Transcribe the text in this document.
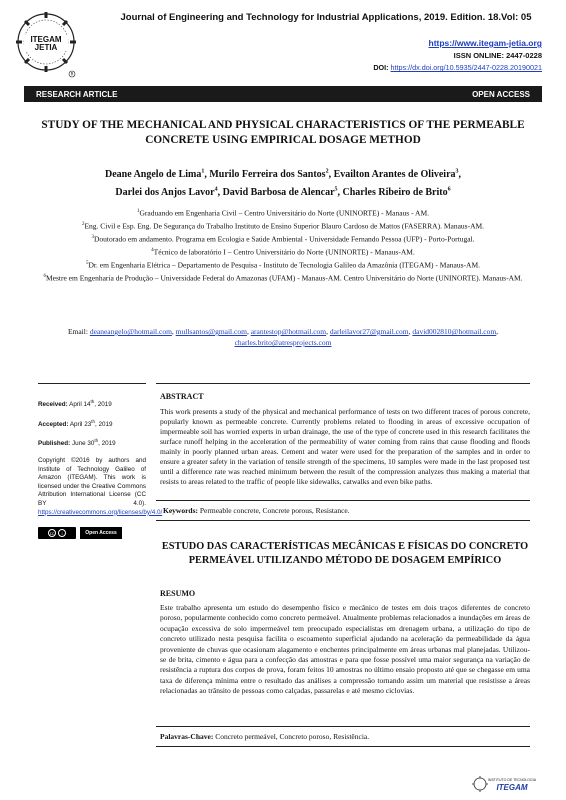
ITEGAM
JETIA
R
Journal of Engineering and Technology for Industrial Applications, 2019. Edition. 18.Vol: 05
https://www.itegam-jetia.org
ISSN ONLINE: 2447-0228
DOI: https://dx.doi.org/10.5935/2447-0228.20190021
RESEARCH ARTICLE	OPEN ACCESS
STUDY OF THE MECHANICAL AND PHYSICAL CHARACTERISTICS OF THE PERMEABLE CONCRETE USING EMPIRICAL DOSAGE METHOD
Deane Angelo de Lima$^1$, Murilo Ferreira dos Santos$^2$, Evailton Arantes de Oliveira$^3$,
Darlei dos Anjos Lavor$^4$, David Barbosa de Alencar$^5$, Charles Ribeiro de Brito$^6$

$^1$Graduando em Engenharia Civil – Centro Universitário do Norte (UNINORTE) - Manaus - AM.

$^2$Eng. Civil e Esp. Eng. De Segurança do Trabalho Instituto de Ensino Superior Blauro Cardoso de Mattos (FASERRA). Manaus-AM.

$^3$Doutorado em andamento. Programa em Ecologia e Saúde Ambiental - Universidade Fernando Pessoa (UFP) - Porto-Portugal.

$^4$Técnico de laboratório I – Centro Universitário do Norte (UNINORTE) - Manaus-AM.

$^5$Dr. em Engenharia Elétrica – Departamento de Pesquisa - Instituto de Tecnologia Galileo da Amazônia (ITEGAM) - Manaus-AM.

$^6$Mestre em Engenharia de Produção – Universidade Federal do Amazonas (UFAM) - Manaus-AM. Centro Universitário do Norte (UNINORTE). Manaus-AM.

Email: deaneangelo@hotmail.com, mullsantos@gmail.com, arantestop@hotmail.com, darleilavor27@gmail.com, david002810@hotmail.com, charles.brito@atresprojects.com
Received: April 14th, 2019
Accepted: April 23th, 2019
Published: June 30th, 2019
Copyright ©2016 by authors and Institute of Technology Galileo of Amazon (ITEGAM). This work is licensed under the Creative Commons Attribution International License (CC BY 4.0). https://creativecommons.org/licenses/by/4.0/
cc	i	Open Access
ABSTRACT
This work presents a study of the physical and mechanical performance of tests on two different traces of porous concrete, popularly known as permeable concrete. Currently problems related to flooding in areas of excessive occupation of impermeable soil has worried experts in urban drainage, the use of the type of concrete used in this research facilitates the surface runoff helping in the acceleration of the permeability of water coming from rains that cause flooding and floods mainly in poorly planned urban areas. Cement and water were used for the preparation of the samples and in order to ensure a greater safety in the variation of tensile strength of the specimens, 10 samples were made in the last proposed test until a difference rate was reached minimum between the result of the compression analyzes thus making a material that resists to areas related to the traffic of people like sidewalks, catwalks and even bike paths.
Keywords: Permeable concrete, Concrete porous, Resistance.
ESTUDO DAS CARACTERÍSTICAS MECÂNICAS E FÍSICAS DO CONCRETO PERMEÁVEL UTILIZANDO MÉTODO DE DOSAGEM EMPÍRICO
RESUMO
Este trabalho apresenta um estudo do desempenho físico e mecânico de testes em dois traços diferentes de concreto poroso, popularmente conhecido como concreto permeável. Atualmente problemas relacionados a inundações em áreas de ocupação excessiva de solo impermeável tem preocupado especialistas em drenagem urbana, a utilização do tipo de concreto utilizado nesta pesquisa facilita o escoamento superficial ajudando na aceleração da permeabilidade da água proveniente de chuvas que ocasionam alagamento e enchentes principalmente em áreas urbanas mal planejadas. Utilizou-se de brita, cimento e água para a confecção das amostras e para que fosse possível uma maior segurança na variação de resistência a ruptura dos corpos de prova, foram feitos 10 amostras no último ensaio proposto até que se chegasse em uma taxa de diferença mínima entre o resultado das análises a compressão tornando assim um material que resistisse a áreas relacionadas ao trânsito de pessoas como calçadas, passarelas e até mesmo ciclovias.
Palavras-Chave: Concreto permeável, Concreto poroso, Resistência.
INSTITUTO DE TECNOLOGIA
ITEGAM
